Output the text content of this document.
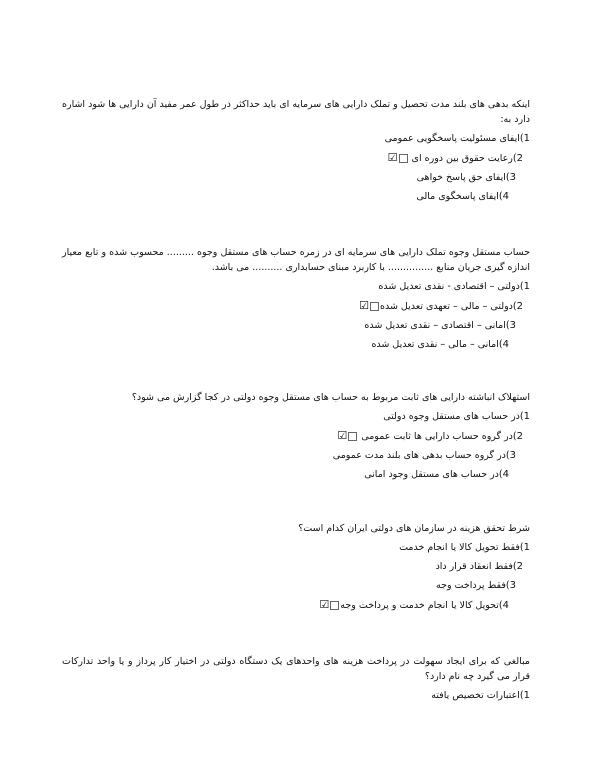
اینکه بدهی های بلند مدت تحصیل و تملک دارایی های سرمایه ای باید حداکثر در طول عمر مفید آن دارایی ها شود اشاره دارد به:
1)ایفای مسئولیت پاسخگویی عمومی
2)رعایت حقوق بین دوره ای ☑
3)ایفای حق پاسخ خواهی
4)ایفای پاسخگوی مالی
حساب مستقل وجوه تملک دارایی های سرمایه ای در زمره حساب های مستقل وجوه ......... محسوب شده و تابع معیار اندازه گیری جریان منابع ............... با کاربرد مبنای حسابداری .......... می باشد.
1)دولتی – اقتصادی - نقدی تعدیل شده
2)دولتی – مالی – تعهدی تعدیل شده☑
3)امانی – اقتصادی – نقدی تعدیل شده
4)امانی – مالی – نقدی تعدیل شده
استهلاک انباشته دارایی های ثابت مربوط به حساب های مستقل وجوه دولتی در کجا گزارش می شود؟
1)در حساب های مستقل وجوه دولتی
2)در گروه حساب دارایی ها ثابت عمومی ☑
3)در گروه حساب بدهی های بلند مدت عمومی
4)در حساب های مستقل وجود امانی
شرط تحقق هزینه در سازمان های دولتی ایران کدام است؟
1)فقط تحویل کالا یا انجام خدمت
2)فقط انعقاد قرار داد
3)فقط پرداخت وجه
4)تحویل کالا یا انجام خدمت و پرداخت وجه☑
مبالغی که برای ایجاد سهولت در پرداخت هزینه های واحدهای یک دستگاه دولتی در اختیار کار پرداز و یا واحد تدارکات قرار می گیرد چه نام دارد؟
1)اعتبارات تخصیص یافته
